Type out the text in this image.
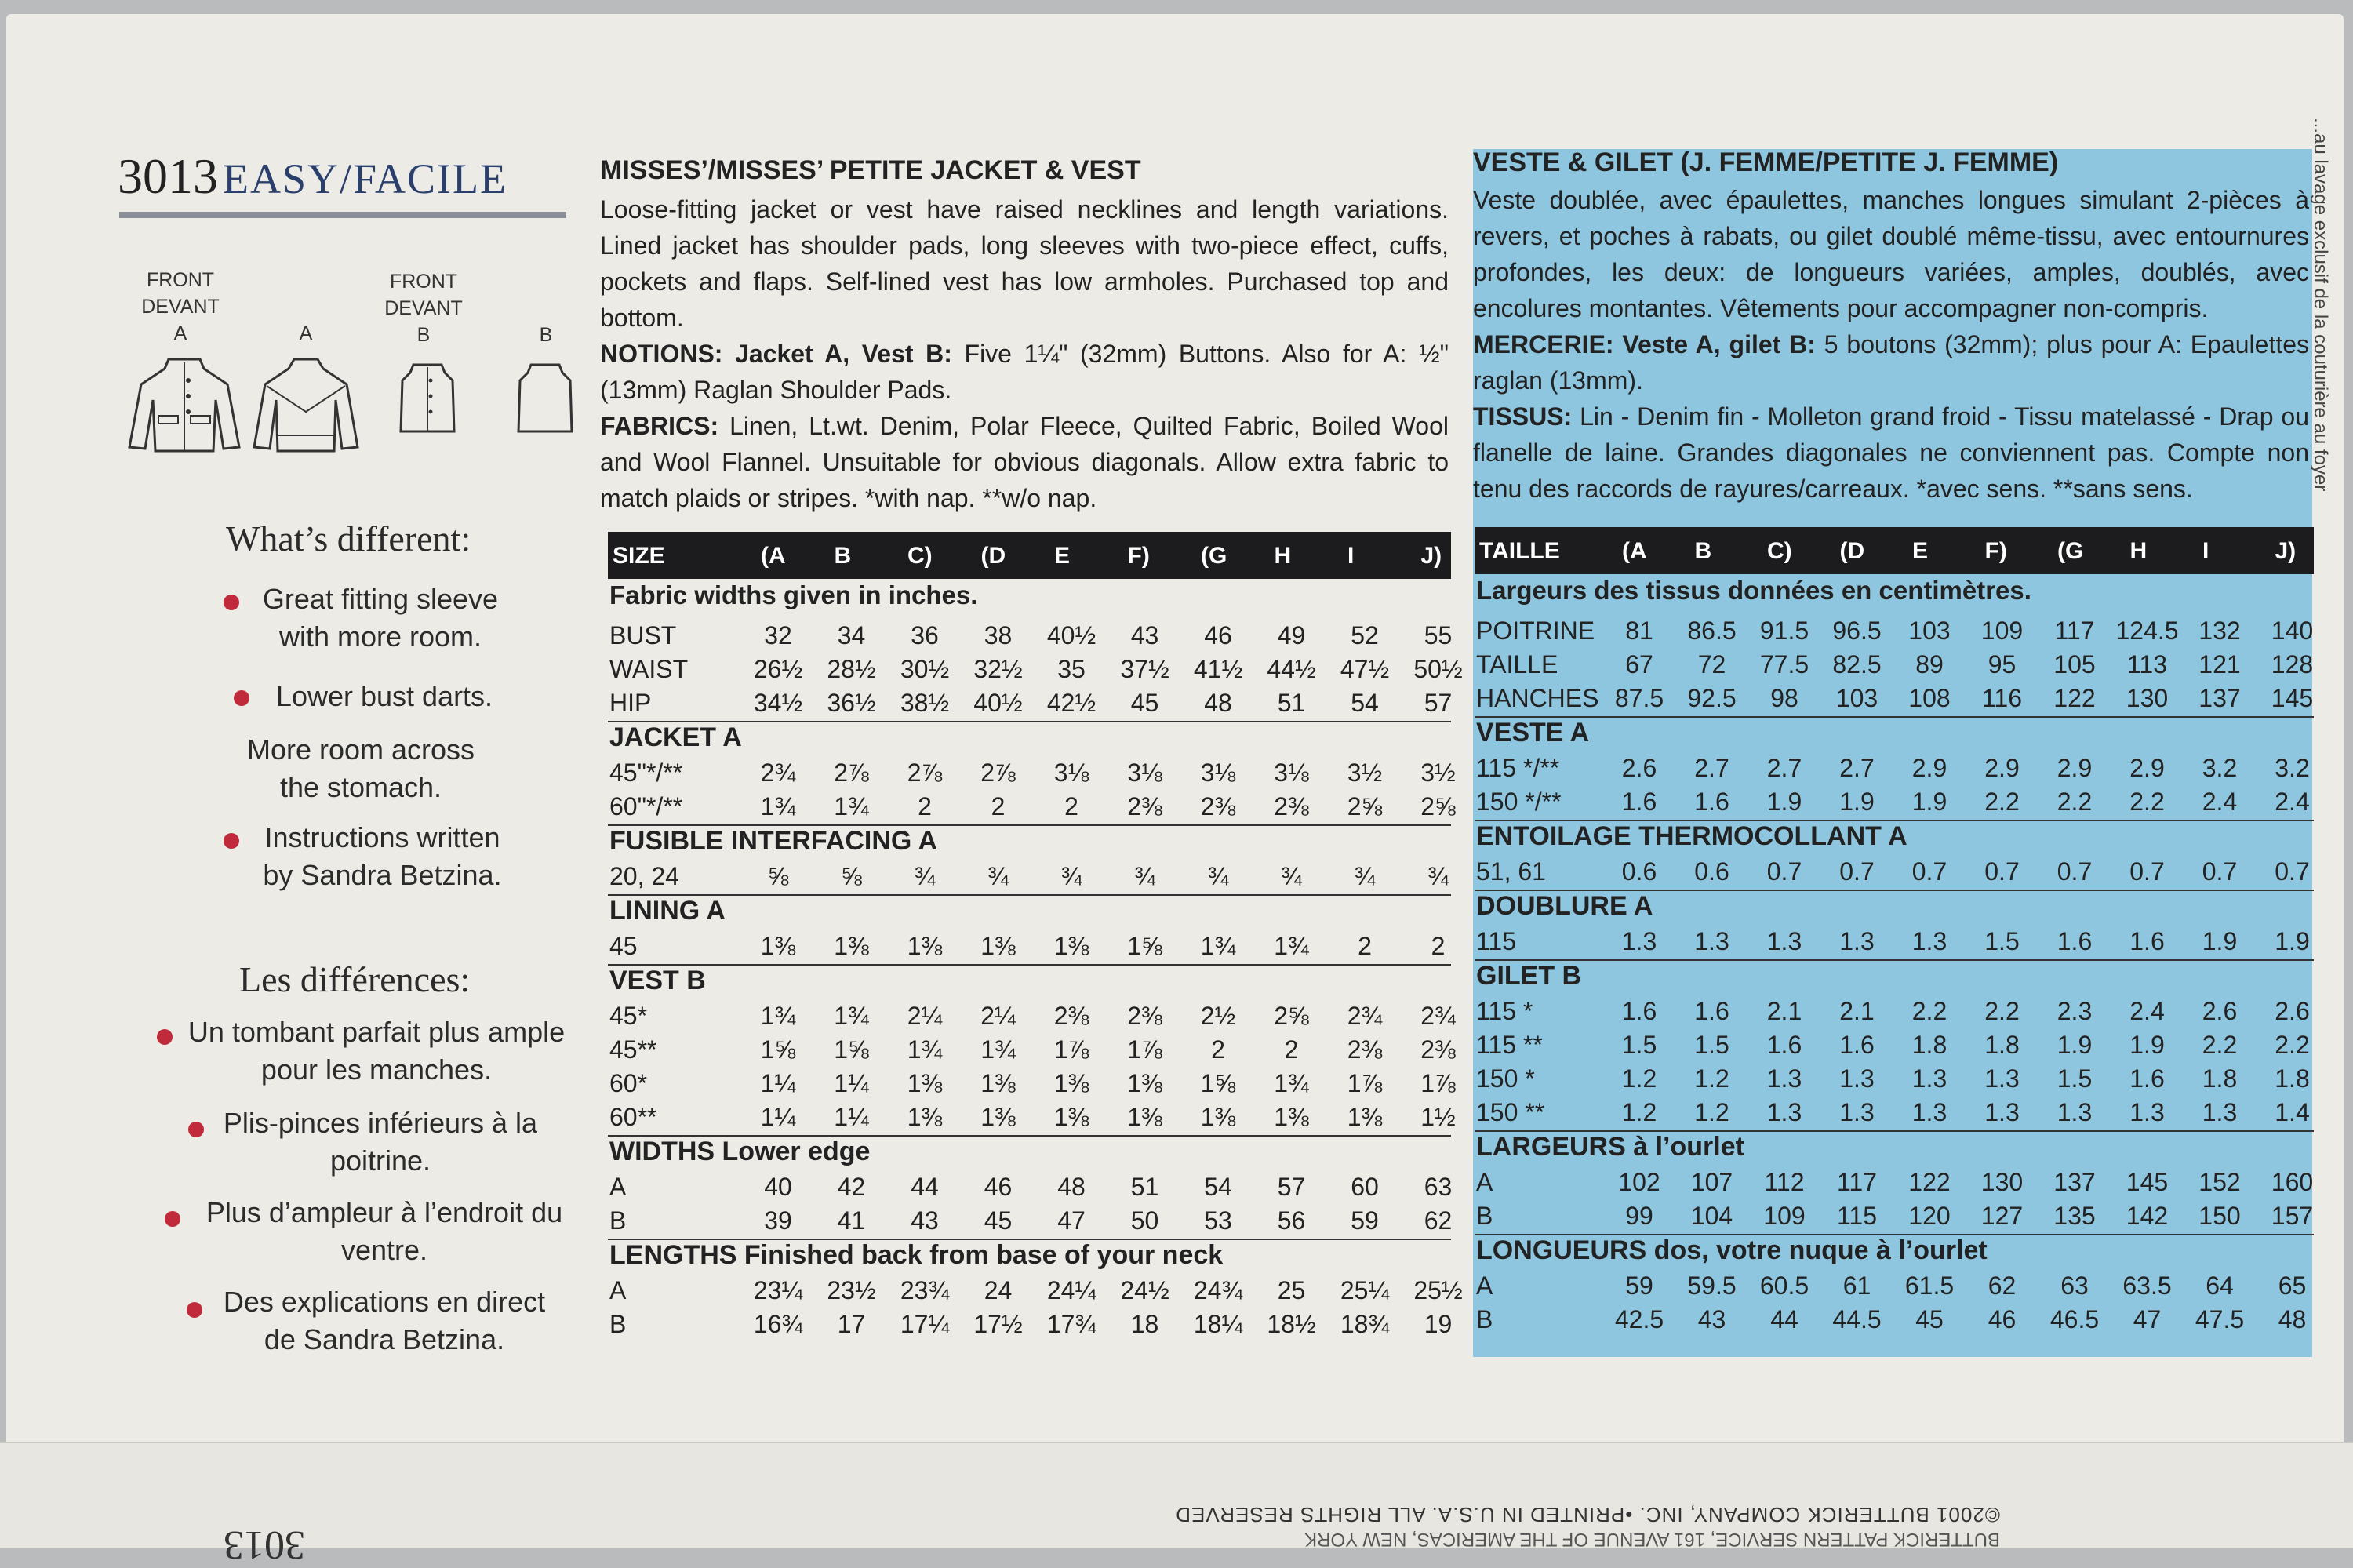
3013 EASY/FACILE
FRONT
DEVANT
A	A
FRONT
DEVANT
B	B
What’s different:
Great fitting sleeve
with more room.
Lower bust darts.
More room across
the stomach.
Instructions written
by Sandra Betzina.
Les différences:
Un tombant parfait plus ample
pour les manches.
Plis-pinces inférieurs à la
poitrine.
Plus d’ampleur à l’endroit du
ventre.
Des explications en direct
de Sandra Betzina.
MISSES’/MISSES’ PETITE JACKET & VEST
Loose-fitting jacket or vest have raised necklines and length variations. Lined jacket has shoulder pads, long sleeves with two-piece effect, cuffs, pockets and flaps. Self-lined vest has low armholes. Purchased top and bottom.
NOTIONS: Jacket A, Vest B: Five 1¼" (32mm) Buttons. Also for A: ½" (13mm) Raglan Shoulder Pads.
FABRICS: Linen, Lt.wt. Denim, Polar Fleece, Quilted Fabric, Boiled Wool and Wool Flannel. Unsuitable for obvious diagonals. Allow extra fabric to match plaids or stripes. *with nap. **w/o nap.
VESTE & GILET (J. FEMME/PETITE J. FEMME)
Veste doublée, avec épaulettes, manches longues simulant 2-pièces à revers, et poches à rabats, ou gilet doublé même-tissu, avec entournures profondes, les deux: de longueurs variées, amples, doublés, avec encolures montantes. Vêtements pour accompagner non-compris.
MERCERIE: Veste A, gilet B: 5 boutons (32mm); plus pour A: Epaulettes raglan (13mm).
TISSUS: Lin - Denim fin - Molleton grand froid - Tissu matelassé - Drap ou flanelle de laine. Grandes diagonales ne conviennent pas. Compte non tenu des raccords de rayures/carreaux. *avec sens. **sans sens.
SIZE	(A B C) (D E F) (G H I	J)
Fabric widths given in inches.
BUST	32	34	36	38	40½	43	46	49	52	55
WAIST	26½ 28½ 30½ 32½	35	37½ 41½ 44½ 47½ 50½
HIP	34½ 36½ 38½ 40½ 42½	45	48	51	54	57
JACKET A
45"*/**	2¾	2⅞	2⅞	2⅞	3⅛	3⅛	3⅛	3⅛	3½	3½
60"*/**	1¾	1¾	2	2	2	2⅜	2⅜	2⅜	2⅝	2⅝
FUSIBLE INTERFACING A
20, 24	⅝	⅝	¾	¾	¾	¾	¾	¾	¾	¾
LINING A
45	1⅜	1⅜	1⅜	1⅜	1⅜	1⅝	1¾	1¾	2	2
VEST B
45*	1¾	1¾	2¼	2¼	2⅜	2⅜	2½	2⅝	2¾	2¾
45**	1⅝	1⅝	1¾	1¾	1⅞	1⅞	2	2	2⅜	2⅜
60*	1¼	1¼	1⅜	1⅜	1⅜	1⅜	1⅝	1¾	1⅞	1⅞
60**	1¼	1¼	1⅜	1⅜	1⅜	1⅜	1⅜	1⅜	1⅜	1½
WIDTHS Lower edge
A	40	42	44	46	48	51	54	57	60	63
B	39	41	43	45	47	50	53	56	59	62
LENGTHS Finished back from base of your neck
A	23¼ 23½ 23¾	24	24¼ 24½ 24¾	25	25¼ 25½
B	16¾	17	17¼ 17½ 17¾	18	18¼ 18½ 18¾	19
TAILLE	(A B C) (D E F) (G H I	J)
Largeurs des tissus données en centimètres.
POITRINE	81	86.5 91.5 96.5	103	109	117 124.5 132	140
TAILLE	67	72	77.5 82.5	89	95	105	113	121	128
HANCHES 87.5 92.5	98	103	108	116	122	130	137	145
VESTE A
115 */**	2.6	2.7	2.7	2.7	2.9	2.9	2.9	2.9	3.2	3.2
150 */**	1.6	1.6	1.9	1.9	1.9	2.2	2.2	2.2	2.4	2.4
ENTOILAGE THERMOCOLLANT A
51, 61	0.6	0.6	0.7	0.7	0.7	0.7	0.7	0.7	0.7	0.7
DOUBLURE A
115	1.3	1.3	1.3	1.3	1.3	1.5	1.6	1.6	1.9	1.9
GILET B
115 *	1.6	1.6	2.1	2.1	2.2	2.2	2.3	2.4	2.6	2.6
115 **	1.5	1.5	1.6	1.6	1.8	1.8	1.9	1.9	2.2	2.2
150 *	1.2	1.2	1.3	1.3	1.3	1.3	1.5	1.6	1.8	1.8
150 **	1.2	1.2	1.3	1.3	1.3	1.3	1.3	1.3	1.3	1.4
LARGEURS à l’ourlet
A	102	107	112	117	122	130	137	145	152	160
B	99	104	109	115	120	127	135	142	150	157
LONGUEURS dos, votre nuque à l’ourlet
A	59	59.5 60.5	61	61.5	62	63	63.5	64	65
B	42.5	43	44	44.5	45	46	46.5	47	47.5	48
©2001 BUTTERICK COMPANY, INC. •PRINTED IN U.S.A. ALL RIGHTS RESERVED
BUTTERICK PATTERN SERVICE, 161 AVENUE OF THE AMERICAS, NEW YORK
3013
...au lavage exclusif de la couturière au foyer
